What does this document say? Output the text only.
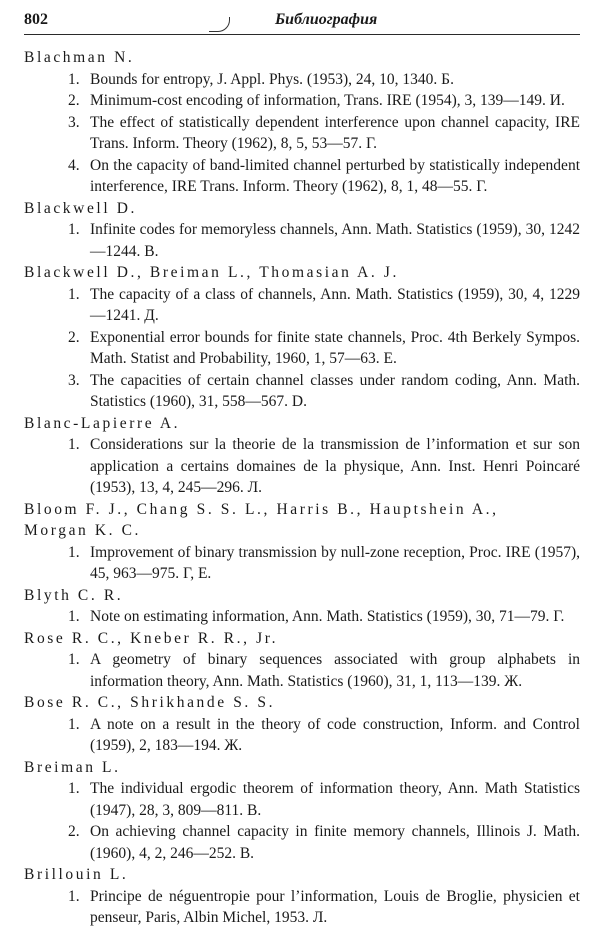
802	Библиография
Blachman N.
1. Bounds for entropy, J. Appl. Phys. (1953), 24, 10, 1340. Б.
2. Minimum-cost encoding of information, Trans. IRE (1954), 3, 139—149. И.
3. The effect of statistically dependent interference upon channel capacity, IRE Trans. Inform. Theory (1962), 8, 5, 53—57. Г.
4. On the capacity of band-limited channel perturbed by statistically independent interference, IRE Trans. Inform. Theory (1962), 8, 1, 48—55. Г.
Blackwell D.
1. Infinite codes for memoryless channels, Ann. Math. Statistics (1959), 30, 1242—1244. В.
Blackwell D., Breiman L., Thomasian A. J.
1. The capacity of a class of channels, Ann. Math. Statistics (1959), 30, 4, 1229—1241. Д.
2. Exponential error bounds for finite state channels, Proc. 4th Berkely Sympos. Math. Statist and Probability, 1960, 1, 57—63. Е.
3. The capacities of certain channel classes under random coding, Ann. Math. Statistics (1960), 31, 558—567. D.
Blanc-Lapierre A.
1. Considerations sur la theorie de la transmission de l’information et sur son application a certains domaines de la physique, Ann. Inst. Henri Poincaré (1953), 13, 4, 245—296. Л.
Bloom F. J., Chang S. S. L., Harris B., Hauptshein A.,
Morgan K. C.
1. Improvement of binary transmission by null-zone reception, Proc. IRE (1957), 45, 963—975. Г, Е.
Blyth C. R.
1. Note on estimating information, Ann. Math. Statistics (1959), 30, 71—79. Г.
Rose R. C., Kneber R. R., Jr.
1. A geometry of binary sequences associated with group alphabets in information theory, Ann. Math. Statistics (1960), 31, 1, 113—139. Ж.
Bose R. C., Shrikhande S. S.
1. A note on a result in the theory of code construction, Inform. and Control (1959), 2, 183—194. Ж.
Breiman L.
1. The individual ergodic theorem of information theory, Ann. Math Statistics (1947), 28, 3, 809—811. В.
2. On achieving channel capacity in finite memory channels, Illinois J. Math. (1960), 4, 2, 246—252. В.
Brillouin L.
1. Principe de néguentropie pour l’information, Louis de Broglie, physicien et penseur, Paris, Albin Michel, 1953. Л.
